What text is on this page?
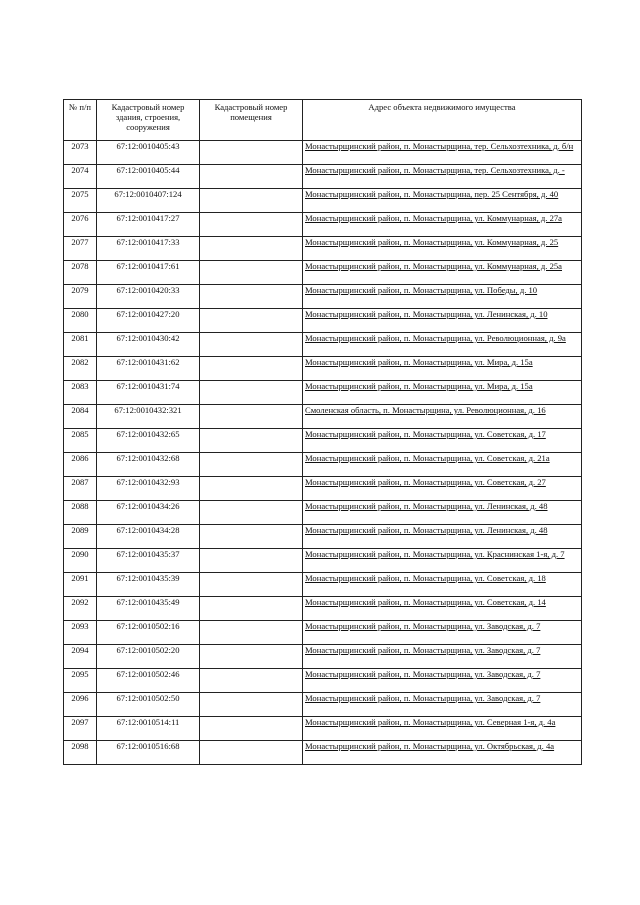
№ п/п	Кадастровый номер здания, строения, сооружения	Кадастровый номер помещения	Адрес объекта недвижимого имущества
2073	67:12:0010405:43		Монастырщинский район, п. Монастырщина, тер. Сельхозтехника, д. б/н
2074	67:12:0010405:44		Монастырщинский район, п. Монастырщина, тер. Сельхозтехника, д. -
2075	67:12:0010407:124		Монастырщинский район, п. Монастырщина, пер. 25 Сентября, д. 40
2076	67:12:0010417:27		Монастырщинский район, п. Монастырщина, ул. Коммунарная, д. 27а
2077	67:12:0010417:33		Монастырщинский район, п. Монастырщина, ул. Коммунарная, д. 25
2078	67:12:0010417:61		Монастырщинский район, п. Монастырщина, ул. Коммунарная, д. 25а
2079	67:12:0010420:33		Монастырщинский район, п. Монастырщина, ул. Победы, д. 10
2080	67:12:0010427:20		Монастырщинский район, п. Монастырщина, ул. Ленинская, д. 10
2081	67:12:0010430:42		Монастырщинский район, п. Монастырщина, ул. Революционная, д. 9а
2082	67:12:0010431:62		Монастырщинский район, п. Монастырщина, ул. Мира, д. 15а
2083	67:12:0010431:74		Монастырщинский район, п. Монастырщина, ул. Мира, д. 15а
2084	67:12:0010432:321		Смоленская область, п. Монастырщина, ул. Революционная, д. 16
2085	67:12:0010432:65		Монастырщинский район, п. Монастырщина, ул. Советская, д. 17
2086	67:12:0010432:68		Монастырщинский район, п. Монастырщина, ул. Советская, д. 21а
2087	67:12:0010432:93		Монастырщинский район, п. Монастырщина, ул. Советская, д. 27
2088	67:12:0010434:26		Монастырщинский район, п. Монастырщина, ул. Ленинская, д. 48
2089	67:12:0010434:28		Монастырщинский район, п. Монастырщина, ул. Ленинская, д. 48
2090	67:12:0010435:37		Монастырщинский район, п. Монастырщина, ул. Краснинская 1-я, д. 7
2091	67:12:0010435:39		Монастырщинский район, п. Монастырщина, ул. Советская, д. 18
2092	67:12:0010435:49		Монастырщинский район, п. Монастырщина, ул. Советская, д. 14
2093	67:12:0010502:16		Монастырщинский район, п. Монастырщина, ул. Заводская, д. 7
2094	67:12:0010502:20		Монастырщинский район, п. Монастырщина, ул. Заводская, д. 7
2095	67:12:0010502:46		Монастырщинский район, п. Монастырщина, ул. Заводская, д. 7
2096	67:12:0010502:50		Монастырщинский район, п. Монастырщина, ул. Заводская, д. 7
2097	67:12:0010514:11		Монастырщинский район, п. Монастырщина, ул. Северная 1-я, д. 4а
2098	67:12:0010516:68		Монастырщинский район, п. Монастырщина, ул. Октябрьская, д. 4а
